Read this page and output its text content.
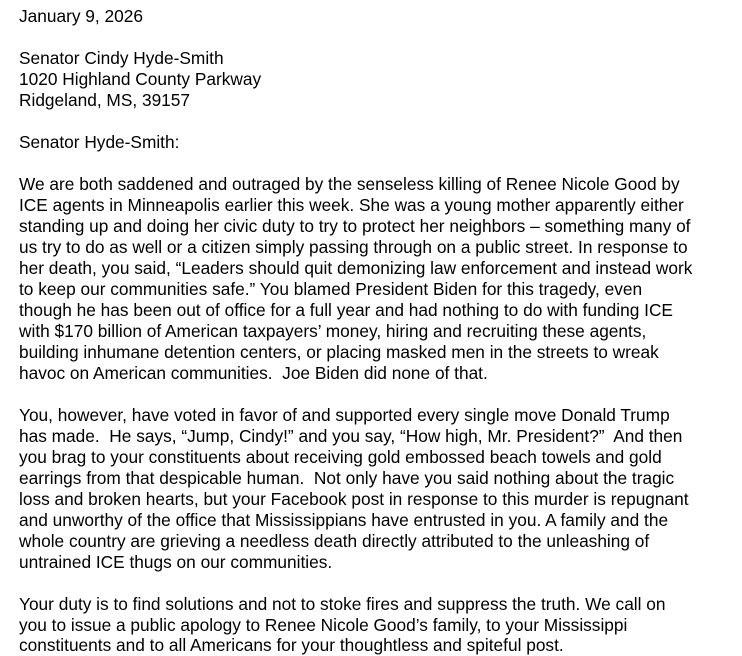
January 9, 2026
Senator Cindy Hyde-Smith
1020 Highland County Parkway
Ridgeland, MS, 39157
Senator Hyde-Smith:
We are both saddened and outraged by the senseless killing of Renee Nicole Good by
ICE agents in Minneapolis earlier this week. She was a young mother apparently either
standing up and doing her civic duty to try to protect her neighbors – something many of
us try to do as well or a citizen simply passing through on a public street. In response to
her death, you said, “Leaders should quit demonizing law enforcement and instead work
to keep our communities safe.” You blamed President Biden for this tragedy, even
though he has been out of office for a full year and had nothing to do with funding ICE
with $170 billion of American taxpayers’ money, hiring and recruiting these agents,
building inhumane detention centers, or placing masked men in the streets to wreak
havoc on American communities.  Joe Biden did none of that.
You, however, have voted in favor of and supported every single move Donald Trump
has made.  He says, “Jump, Cindy!” and you say, “How high, Mr. President?”  And then
you brag to your constituents about receiving gold embossed beach towels and gold
earrings from that despicable human.  Not only have you said nothing about the tragic
loss and broken hearts, but your Facebook post in response to this murder is repugnant
and unworthy of the office that Mississippians have entrusted in you. A family and the
whole country are grieving a needless death directly attributed to the unleashing of
untrained ICE thugs on our communities.
Your duty is to find solutions and not to stoke fires and suppress the truth. We call on
you to issue a public apology to Renee Nicole Good’s family, to your Mississippi
constituents and to all Americans for your thoughtless and spiteful post.
